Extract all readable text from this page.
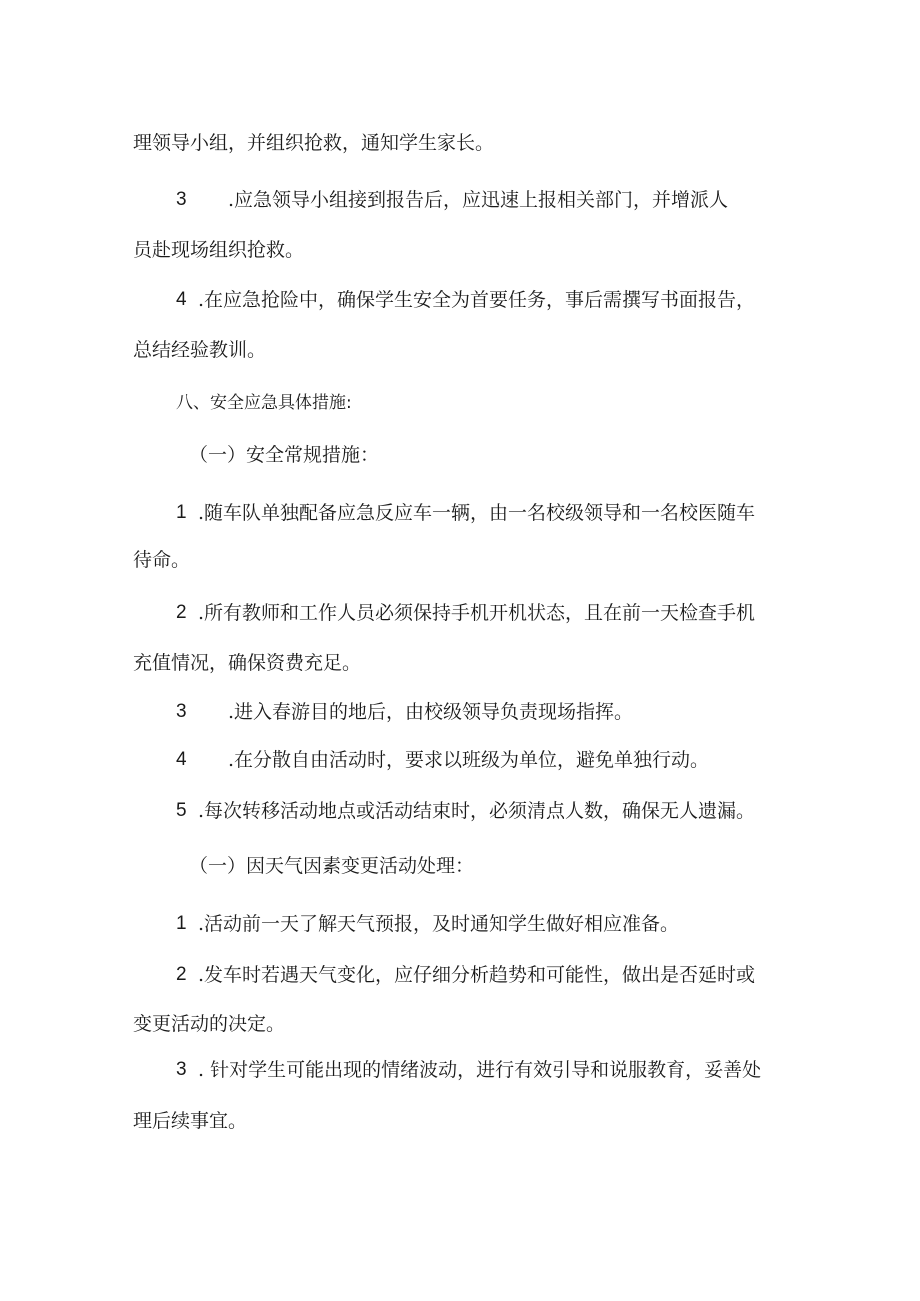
理领导小组，并组织抢救，通知学生家长。

3 .应急领导小组接到报告后，应迅速上报相关部门，并增派人

员赴现场组织抢救。

4 .在应急抢险中，确保学生安全为首要任务，事后需撰写书面报告，

总结经验教训。

八、安全应急具体措施:

（一）安全常规措施：

1 .随车队单独配备应急反应车一辆，由一名校级领导和一名校医随车

待命。

2 .所有教师和工作人员必须保持手机开机状态，且在前一天检查手机

充值情况，确保资费充足。

3 .进入春游目的地后，由校级领导负责现场指挥。

4 .在分散自由活动时，要求以班级为单位，避免单独行动。

5 .每次转移活动地点或活动结束时，必须清点人数，确保无人遗漏。

（一）因天气因素变更活动处理：

1 .活动前一天了解天气预报，及时通知学生做好相应准备。

2 .发车时若遇天气变化，应仔细分析趋势和可能性，做出是否延时或

变更活动的决定。

3 . 针对学生可能出现的情绪波动，进行有效引导和说服教育，妥善处

理后续事宜。
